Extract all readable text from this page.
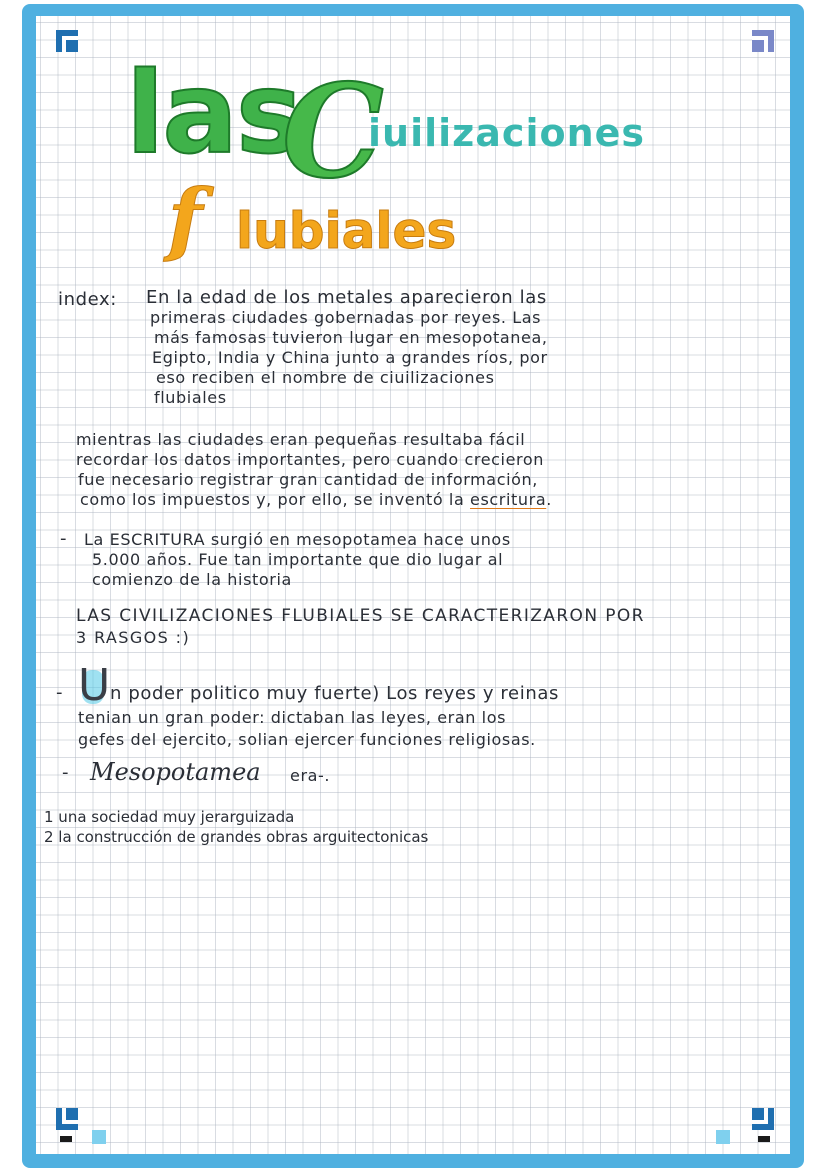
las

C

iuilizaciones

f lubiales

index: En la edad de los metales aparecieron las

primeras ciudades gobernadas por reyes. Las

más famosas tuvieron lugar en mesopotanea,

Egipto, India y China junto a grandes ríos, por

eso reciben el nombre de ciuilizaciones

flubiales

mientras las ciudades eran pequeñas resultaba fácil

recordar los datos importantes, pero cuando crecieron

fue necesario registrar gran cantidad de información,

como los impuestos y, por ello, se inventó la escritura.

- La ESCRITURA surgió en mesopotamea hace unos

5.000 años. Fue tan importante que dio lugar al

comienzo de la historia

LAS CIVILIZACIONES FLUBIALES SE CARACTERIZARON POR

3 RASGOS :)

- U n poder politico muy fuerte) Los reyes y reinas

tenian un gran poder: dictaban las leyes, eran los

gefes del ejercito, solian ejercer funciones religiosas.

- Mesopotamea era-.

1 una sociedad muy jerarguizada

2 la construcción de grandes obras arguitectonicas
